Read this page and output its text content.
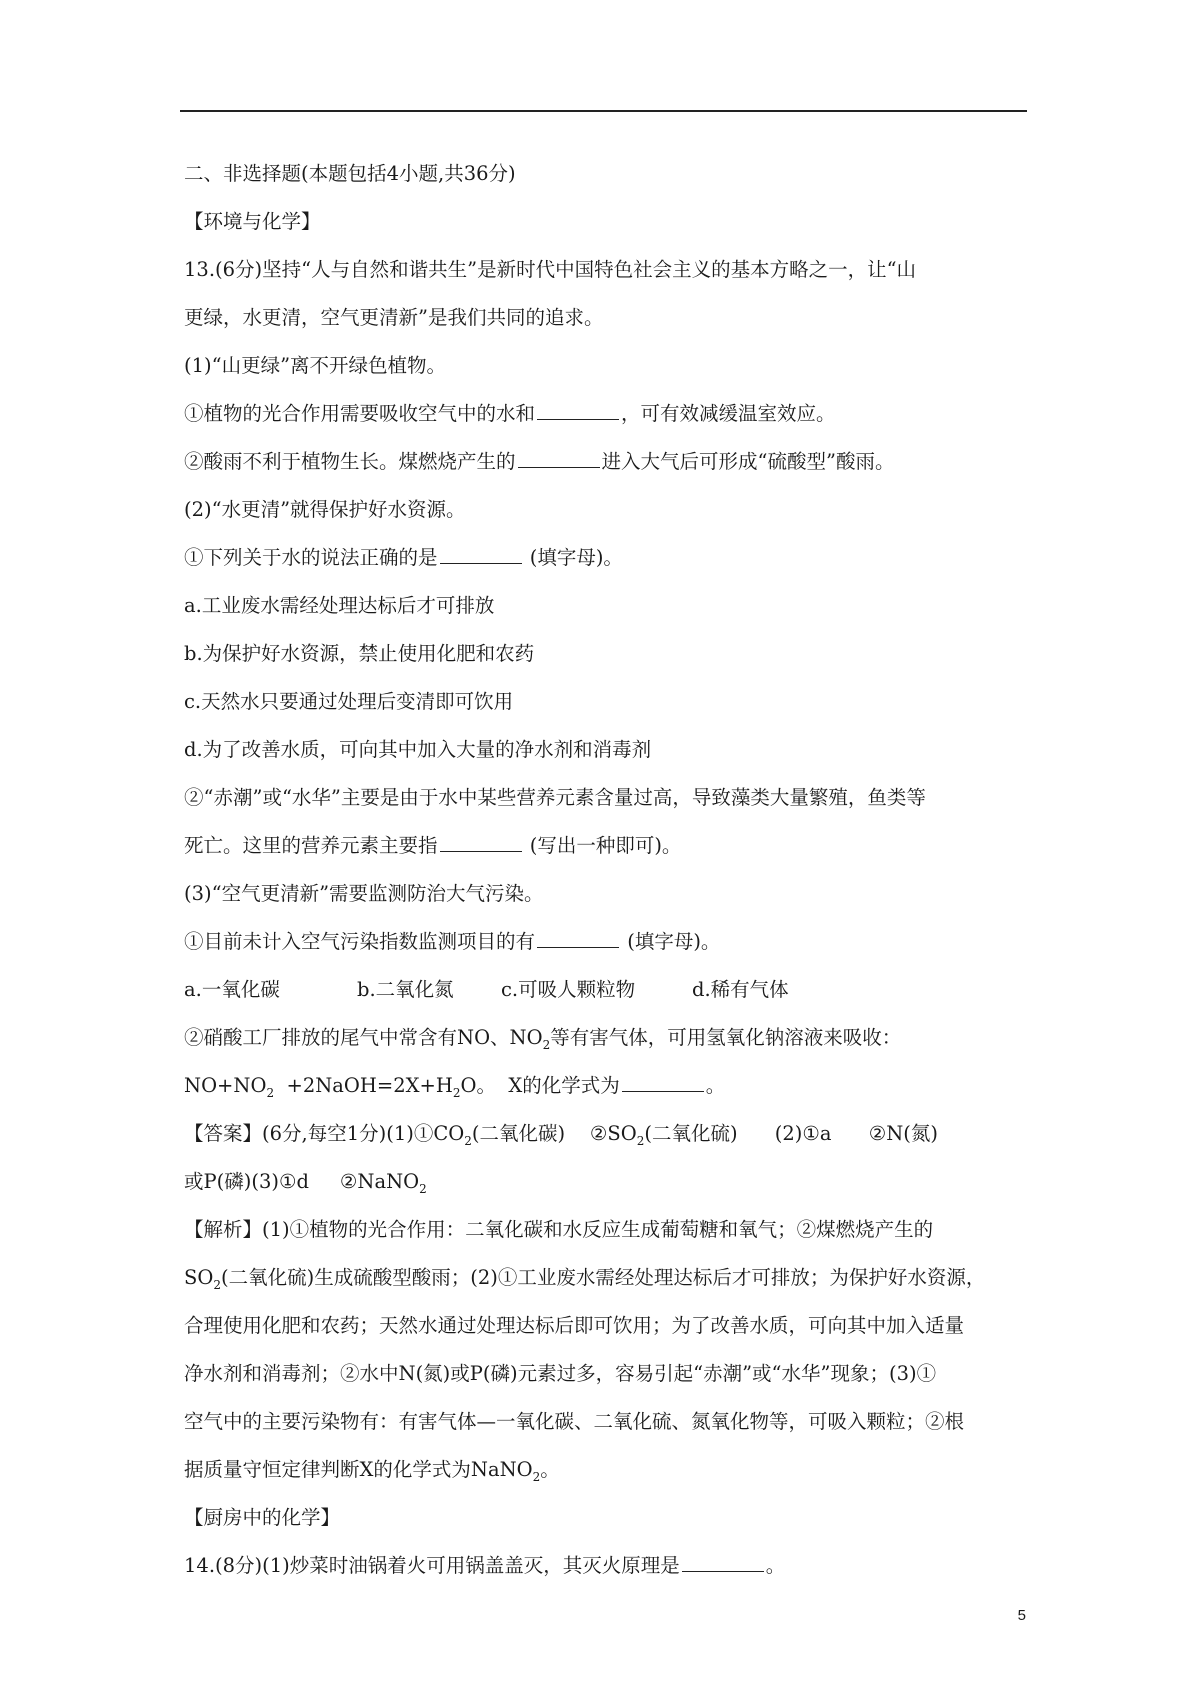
二、非选择题(本题包括4小题,共36分)
【环境与化学】
13.(6分)坚持“人与自然和谐共生”是新时代中国特色社会主义的基本方略之一，让“山
更绿，水更清，空气更清新”是我们共同的追求。
(1)“山更绿”离不开绿色植物。
①植物的光合作用需要吸收空气中的水和	，可有效减缓温室效应。
②酸雨不利于植物生长。煤燃烧产生的	进入大气后可形成“硫酸型”酸雨。
(2)“水更清”就得保护好水资源。
①下列关于水的说法正确的是	(填字母)。
a.工业废水需经处理达标后才可排放
b.为保护好水资源，禁止使用化肥和农药
c.天然水只要通过处理后变清即可饮用
d.为了改善水质，可向其中加入大量的净水剂和消毒剂
②“赤潮”或“水华”主要是由于水中某些营养元素含量过高，导致藻类大量繁殖，鱼类等
死亡。这里的营养元素主要指	(写出一种即可)。
(3)“空气更清新”需要监测防治大气污染。
①目前未计入空气污染指数监测项目的有	(填字母)。
a.一氧化碳	b.二氧化氮	c.可吸人颗粒物	d.稀有气体
②硝酸工厂排放的尾气中常含有NO、$NO_2$等有害气体，可用氢氧化钠溶液来吸收：
$NO+NO_2$  $+2NaOH=2X+H_2O$。  X的化学式为	。
【答案】(6分,每空1分)$(1)①CO_2$(二氧化碳)    $②SO_2$(二氧化硫)      (2)①a      ②N(氮)
或P(磷)(3)①d     ②NaNO$_2$
【解析】(1)①植物的光合作用：二氧化碳和水反应生成葡萄糖和氧气；②煤燃烧产生的
$SO_2$(二氧化硫)生成硫酸型酸雨；(2)①工业废水需经处理达标后才可排放；为保护好水资源，
合理使用化肥和农药；天然水通过处理达标后即可饮用；为了改善水质，可向其中加入适量
净水剂和消毒剂；②水中N(氮)或P(磷)元素过多，容易引起“赤潮”或“水华”现象；(3)①
空气中的主要污染物有：有害气体—一氧化碳、二氧化硫、氮氧化物等，可吸入颗粒；②根
据质量守恒定律判断X的化学式为NaNO$_2$。
【厨房中的化学】
14.(8分)(1)炒菜时油锅着火可用锅盖盖灭，其灭火原理是	。
5
